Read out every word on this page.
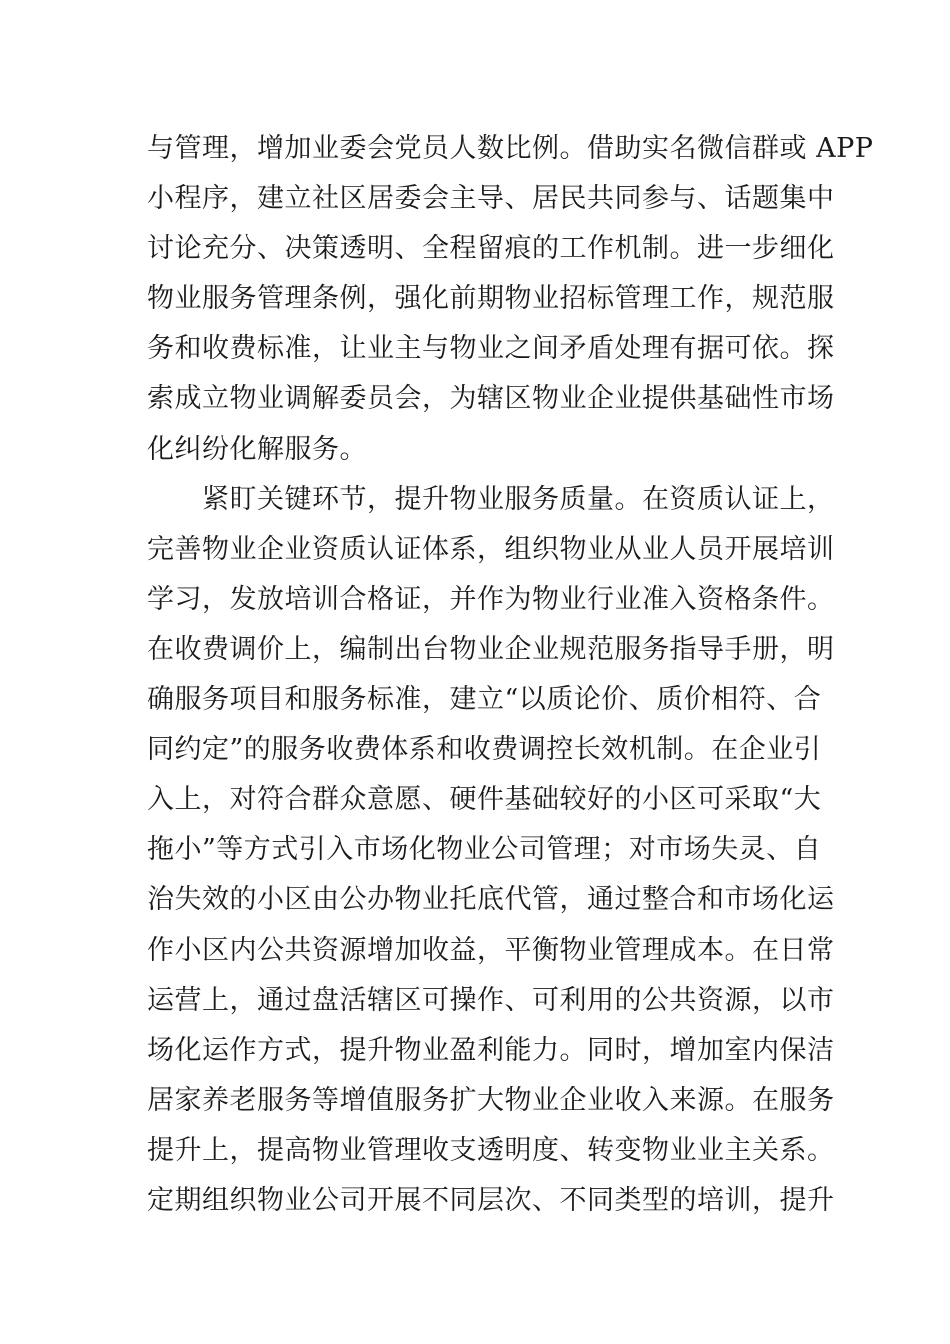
与管理，增加业委会党员人数比例。借助实名微信群或 APP
小程序，建立社区居委会主导、居民共同参与、话题集中
讨论充分、决策透明、全程留痕的工作机制。进一步细化
物业服务管理条例，强化前期物业招标管理工作，规范服
务和收费标准，让业主与物业之间矛盾处理有据可依。探
索成立物业调解委员会，为辖区物业企业提供基础性市场
化纠纷化解服务。
　　紧盯关键环节，提升物业服务质量。在资质认证上，
完善物业企业资质认证体系，组织物业从业人员开展培训
学习，发放培训合格证，并作为物业行业准入资格条件。
在收费调价上，编制出台物业企业规范服务指导手册，明
确服务项目和服务标准，建立“以质论价、质价相符、合
同约定”的服务收费体系和收费调控长效机制。在企业引
入上，对符合群众意愿、硬件基础较好的小区可采取“大
拖小”等方式引入市场化物业公司管理；对市场失灵、自
治失效的小区由公办物业托底代管，通过整合和市场化运
作小区内公共资源增加收益，平衡物业管理成本。在日常
运营上，通过盘活辖区可操作、可利用的公共资源，以市
场化运作方式，提升物业盈利能力。同时，增加室内保洁
居家养老服务等增值服务扩大物业企业收入来源。在服务
提升上，提高物业管理收支透明度、转变物业业主关系。
定期组织物业公司开展不同层次、不同类型的培训，提升
